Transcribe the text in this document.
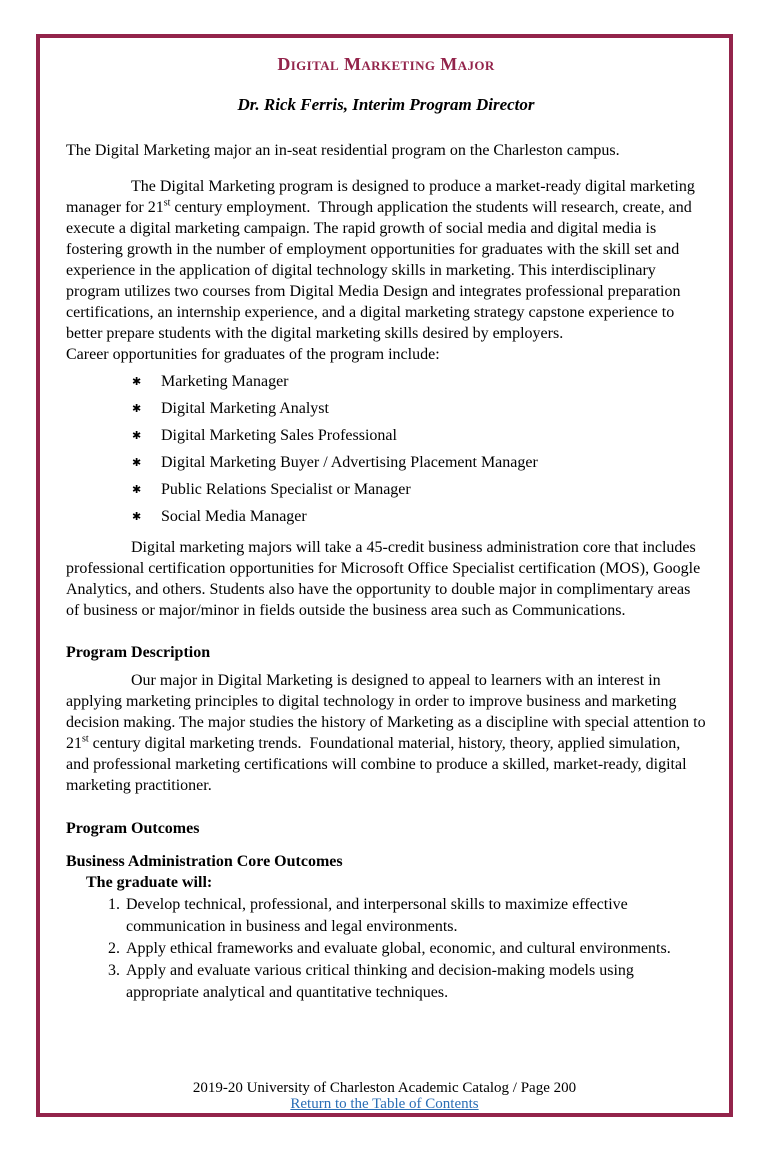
Digital Marketing Major
Dr. Rick Ferris, Interim Program Director

The Digital Marketing major an in-seat residential program on the Charleston campus.

The Digital Marketing program is designed to produce a market-ready digital marketing manager for 21st century employment.  Through application the students will research, create, and execute a digital marketing campaign. The rapid growth of social media and digital media is fostering growth in the number of employment opportunities for graduates with the skill set and experience in the application of digital technology skills in marketing. This interdisciplinary program utilizes two courses from Digital Media Design and integrates professional preparation certifications, an internship experience, and a digital marketing strategy capstone experience to better prepare students with the digital marketing skills desired by employers.

Career opportunities for graduates of the program include:

✱ Marketing Manager
✱ Digital Marketing Analyst
✱ Digital Marketing Sales Professional
✱ Digital Marketing Buyer / Advertising Placement Manager
✱ Public Relations Specialist or Manager
✱ Social Media Manager

Digital marketing majors will take a 45-credit business administration core that includes professional certification opportunities for Microsoft Office Specialist certification (MOS), Google Analytics, and others. Students also have the opportunity to double major in complimentary areas of business or major/minor in fields outside the business area such as Communications.

Program Description

Our major in Digital Marketing is designed to appeal to learners with an interest in applying marketing principles to digital technology in order to improve business and marketing decision making. The major studies the history of Marketing as a discipline with special attention to 21st century digital marketing trends.  Foundational material, history, theory, applied simulation, and professional marketing certifications will combine to produce a skilled, market-ready, digital marketing practitioner.

Program Outcomes
Business Administration Core Outcomes
The graduate will:
1. Develop technical, professional, and interpersonal skills to maximize effective communication in business and legal environments.
2. Apply ethical frameworks and evaluate global, economic, and cultural environments.
3. Apply and evaluate various critical thinking and decision-making models using appropriate analytical and quantitative techniques.

2019-20 University of Charleston Academic Catalog / Page 200

Return to the Table of Contents
